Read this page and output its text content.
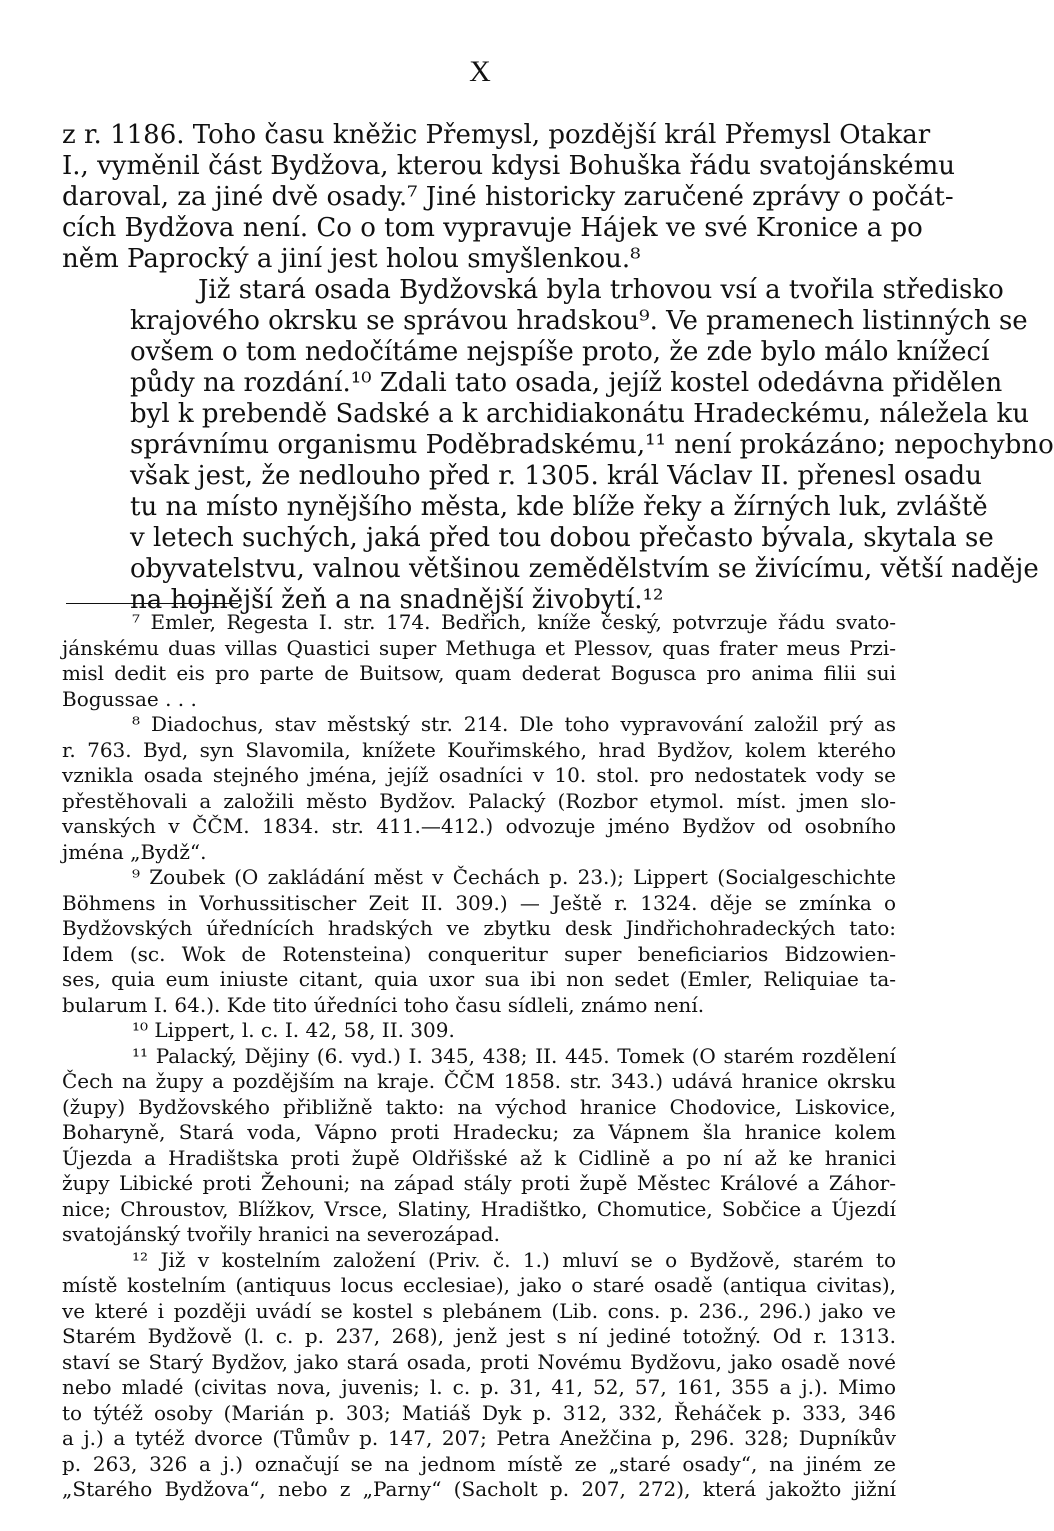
X

z r. 1186. Toho času kněžic Přemysl, pozdější král Přemysl Otakar
I., vyměnil část Bydžova, kterou kdysi Bohuška řádu svatojánskému
daroval, za jiné dvě osady.⁷ Jiné historicky zaručené zprávy o počát-
cích Bydžova není. Co o tom vypravuje Hájek ve své Kronice a po
něm Paprocký a jiní jest holou smyšlenkou.⁸

Již stará osada Bydžovská byla trhovou vsí a tvořila středisko
krajového okrsku se správou hradskou⁹. Ve pramenech listinných se
ovšem o tom nedočítáme nejspíše proto, že zde bylo málo knížecí
půdy na rozdání.¹⁰ Zdali tato osada, jejíž kostel odedávna přidělen
byl k prebendě Sadské a k archidiakonátu Hradeckému, náležela ku
správnímu organismu Poděbradskému,¹¹ není prokázáno; nepochybno
však jest, že nedlouho před r. 1305. král Václav II. přenesl osadu
tu na místo nynějšího města, kde blíže řeky a žírných luk, zvláště
v letech suchých, jaká před tou dobou přečasto bývala, skytala se
obyvatelstvu, valnou většinou zemědělstvím se živícímu, větší naděje
na hojnější žeň a na snadnější živobytí.¹²

⁷ Emler, Regesta I. str. 174. Bedřich, kníže český, potvrzuje řádu svato-
jánskému duas villas Quastici super Methuga et Plessov, quas frater meus Przi-
misl dedit eis pro parte de Buitsow, quam dederat Bogusca pro anima filii sui
Bogussae . . .
⁸ Diadochus, stav městský str. 214. Dle toho vypravování založil prý as
r. 763. Byd, syn Slavomila, knížete Kouřimského, hrad Bydžov, kolem kterého
vznikla osada stejného jména, jejíž osadníci v 10. stol. pro nedostatek vody se
přestěhovali a založili město Bydžov. Palacký (Rozbor etymol. míst. jmen slo-
vanských v ČČM. 1834. str. 411.—412.) odvozuje jméno Bydžov od osobního
jména „Bydž“.
⁹ Zoubek (O zakládání měst v Čechách p. 23.); Lippert (Socialgeschichte
Böhmens in Vorhussitischer Zeit II. 309.) — Ještě r. 1324. děje se zmínka o
Bydžovských úřednících hradských ve zbytku desk Jindřichohradeckých tato:
Idem (sc. Wok de Rotensteina) conqueritur super beneficiarios Bidzowien-
ses, quia eum iniuste citant, quia uxor sua ibi non sedet (Emler, Reliquiae ta-
bularum I. 64.). Kde tito úředníci toho času sídleli, známo není.
¹⁰ Lippert, l. c. I. 42, 58, II. 309.
¹¹ Palacký, Dějiny (6. vyd.) I. 345, 438; II. 445. Tomek (O starém rozdělení
Čech na župy a pozdějším na kraje. ČČM 1858. str. 343.) udává hranice okrsku
(župy) Bydžovského přibližně takto: na východ hranice Chodovice, Liskovice,
Boharyně, Stará voda, Vápno proti Hradecku; za Vápnem šla hranice kolem
Újezda a Hradištska proti župě Oldřišské až k Cidlině a po ní až ke hranici
župy Libické proti Žehouni; na západ stály proti župě Městec Králové a Záhor-
nice; Chroustov, Blížkov, Vrsce, Slatiny, Hradištko, Chomutice, Sobčice a Újezdí
svatojánský tvořily hranici na severozápad.
¹² Již v kostelním založení (Priv. č. 1.) mluví se o Bydžově, starém to
místě kostelním (antiquus locus ecclesiae), jako o staré osadě (antiqua civitas),
ve které i později uvádí se kostel s plebánem (Lib. cons. p. 236., 296.) jako ve
Starém Bydžově (l. c. p. 237, 268), jenž jest s ní jediné totožný. Od r. 1313.
staví se Starý Bydžov, jako stará osada, proti Novému Bydžovu, jako osadě nové
nebo mladé (civitas nova, juvenis; l. c. p. 31, 41, 52, 57, 161, 355 a j.). Mimo
to týtéž osoby (Marián p. 303; Matiáš Dyk p. 312, 332, Řeháček p. 333, 346
a j.) a tytéž dvorce (Tůmův p. 147, 207; Petra Anežčina p, 296. 328; Dupníkův
p. 263, 326 a j.) označují se na jednom místě ze „staré osady“, na jiném ze
„Starého Bydžova“, nebo z „Parny“ (Sacholt p. 207, 272), která jakožto jižní
